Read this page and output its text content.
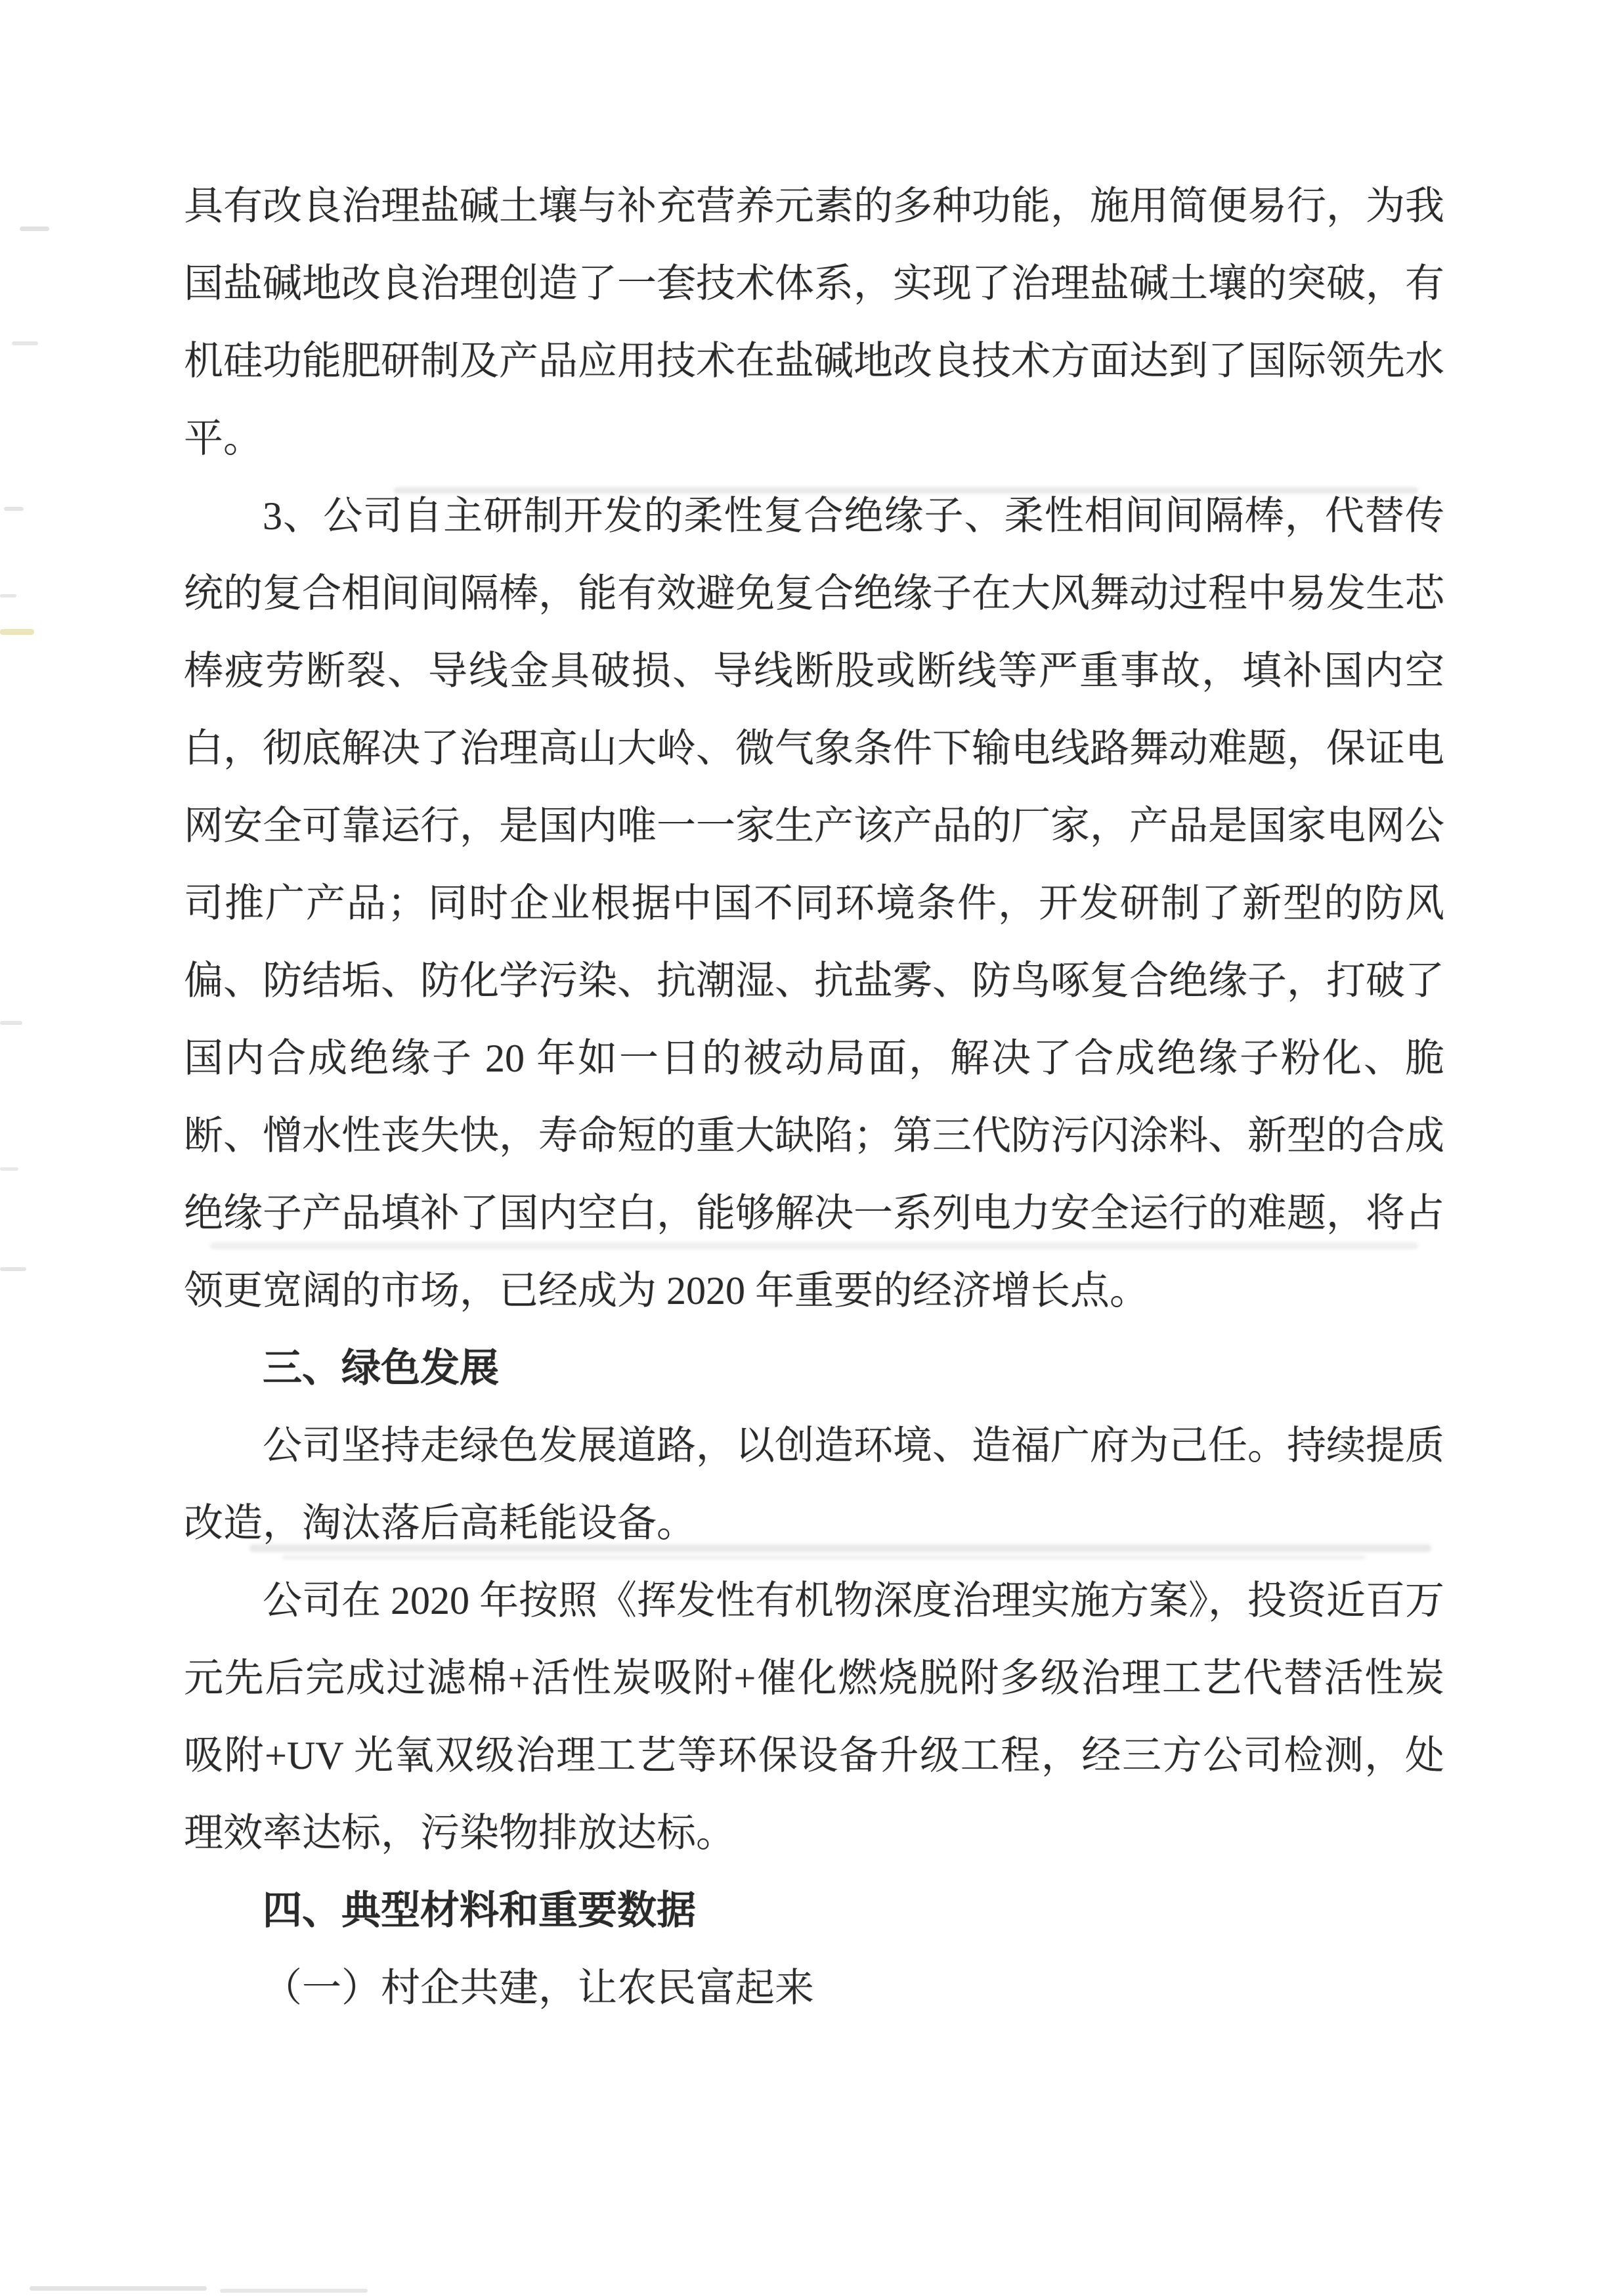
具有改良治理盐碱土壤与补充营养元素的多种功能，施用简便易行，为我国盐碱地改良治理创造了一套技术体系，实现了治理盐碱土壤的突破，有机硅功能肥研制及产品应用技术在盐碱地改良技术方面达到了国际领先水平。

3、公司自主研制开发的柔性复合绝缘子、柔性相间间隔棒，代替传统的复合相间间隔棒，能有效避免复合绝缘子在大风舞动过程中易发生芯棒疲劳断裂、导线金具破损、导线断股或断线等严重事故，填补国内空白，彻底解决了治理高山大岭、微气象条件下输电线路舞动难题，保证电网安全可靠运行，是国内唯一一家生产该产品的厂家，产品是国家电网公司推广产品；同时企业根据中国不同环境条件，开发研制了新型的防风偏、防结垢、防化学污染、抗潮湿、抗盐雾、防鸟啄复合绝缘子，打破了国内合成绝缘子 20 年如一日的被动局面，解决了合成绝缘子粉化、脆断、憎水性丧失快，寿命短的重大缺陷；第三代防污闪涂料、新型的合成绝缘子产品填补了国内空白，能够解决一系列电力安全运行的难题，将占领更宽阔的市场，已经成为 2020 年重要的经济增长点。

三、绿色发展

公司坚持走绿色发展道路，以创造环境、造福广府为己任。持续提质改造，淘汰落后高耗能设备。

公司在 2020 年按照《挥发性有机物深度治理实施方案》，投资近百万元先后完成过滤棉+活性炭吸附+催化燃烧脱附多级治理工艺代替活性炭吸附+UV 光氧双级治理工艺等环保设备升级工程，经三方公司检测，处理效率达标，污染物排放达标。

四、典型材料和重要数据

（一）村企共建，让农民富起来
